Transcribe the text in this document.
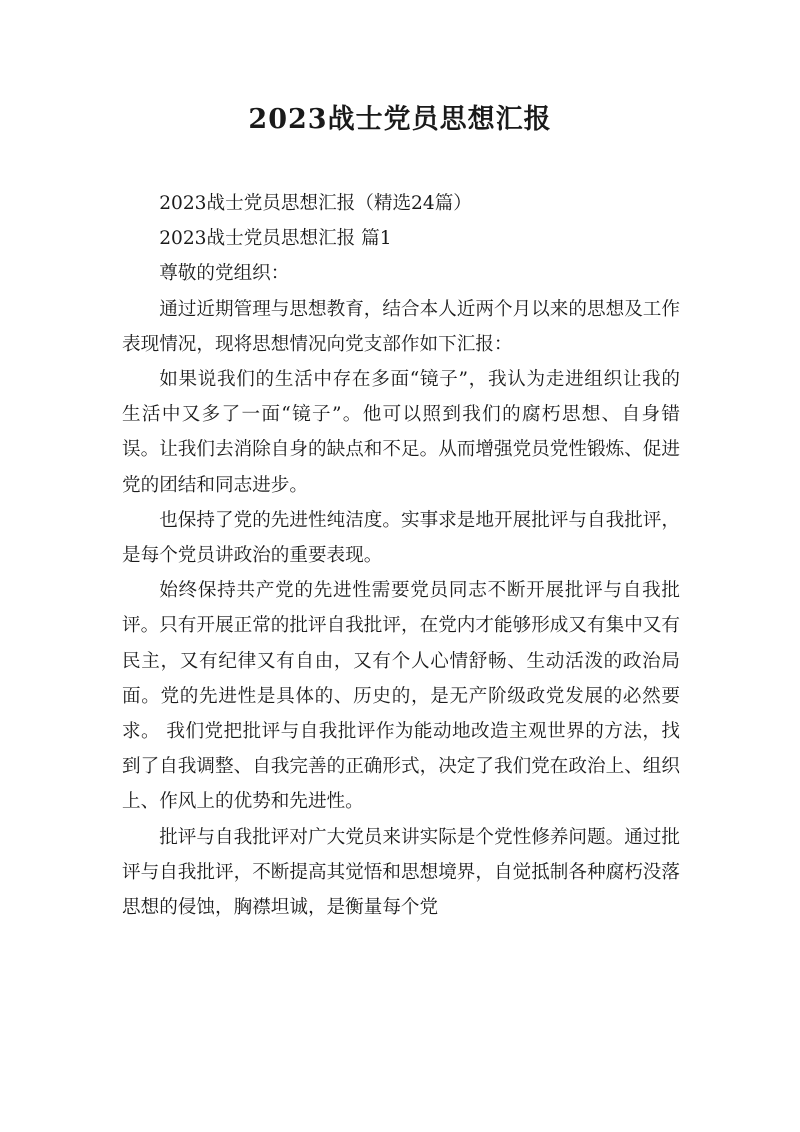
2023战士党员思想汇报

2023战士党员思想汇报（精选24篇）

2023战士党员思想汇报 篇1

尊敬的党组织：

通过近期管理与思想教育，结合本人近两个月以来的思想及工作表现情况，现将思想情况向党支部作如下汇报：

如果说我们的生活中存在多面“镜子”，我认为走进组织让我的生活中又多了一面“镜子”。他可以照到我们的腐朽思想、自身错误。让我们去消除自身的缺点和不足。从而增强党员党性锻炼、促进党的团结和同志进步。

也保持了党的先进性纯洁度。实事求是地开展批评与自我批评，是每个党员讲政治的重要表现。

始终保持共产党的先进性需要党员同志不断开展批评与自我批评。只有开展正常的批评自我批评，在党内才能够形成又有集中又有民主，又有纪律又有自由，又有个人心情舒畅、生动活泼的政治局面。党的先进性是具体的、历史的，是无产阶级政党发展的必然要求。 我们党把批评与自我批评作为能动地改造主观世界的方法，找到了自我调整、自我完善的正确形式，决定了我们党在政治上、组织上、作风上的优势和先进性。

批评与自我批评对广大党员来讲实际是个党性修养问题。通过批评与自我批评，不断提高其觉悟和思想境界，自觉抵制各种腐朽没落思想的侵蚀，胸襟坦诚，是衡量每个党
